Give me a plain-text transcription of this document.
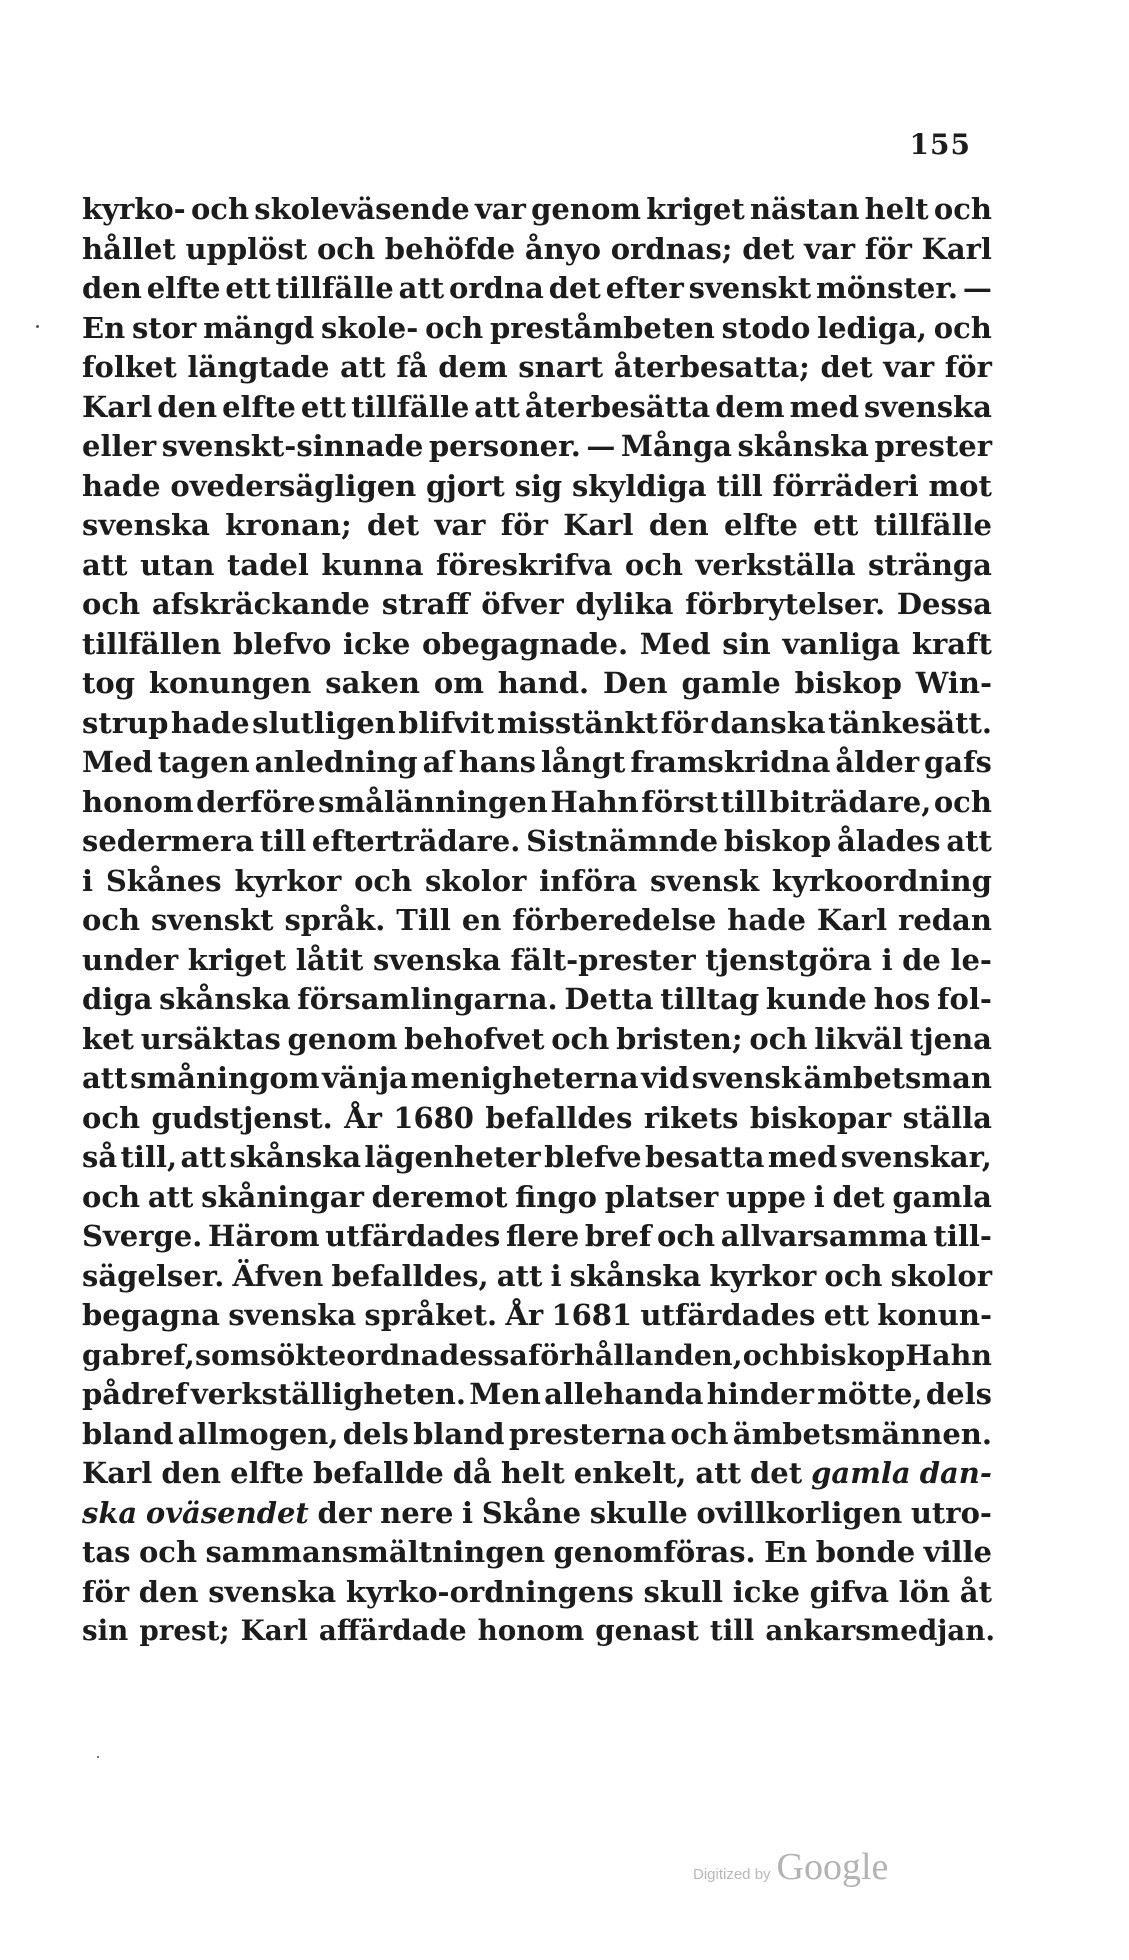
155
kyrko- och skoleväsende var genom kriget nästan helt och
hållet upplöst och behöfde ånyo ordnas; det var för Karl
den elfte ett tillfälle att ordna det efter svenskt mönster. —
En stor mängd skole- och preståmbeten stodo lediga, och
folket längtade att få dem snart återbesatta; det var för
Karl den elfte ett tillfälle att återbesätta dem med svenska
eller svenskt-sinnade personer. — Många skånska prester
hade ovedersägligen gjort sig skyldiga till förräderi mot
svenska kronan; det var för Karl den elfte ett tillfälle
att utan tadel kunna föreskrifva och verkställa stränga
och afskräckande straff öfver dylika förbrytelser. Dessa
tillfällen blefvo icke obegagnade. Med sin vanliga kraft
tog konungen saken om hand. Den gamle biskop Win-
strup hade slutligen blifvit misstänkt för danska tänkesätt.
Med tagen anledning af hans långt framskridna ålder gafs
honom derföre smålänningen Hahn först till biträdare, och
sedermera till efterträdare. Sistnämnde biskop ålades att
i Skånes kyrkor och skolor införa svensk kyrkoordning
och svenskt språk. Till en förberedelse hade Karl redan
under kriget låtit svenska fält-prester tjenstgöra i de le-
diga skånska församlingarna. Detta tilltag kunde hos fol-
ket ursäktas genom behofvet och bristen; och likväl tjena
att småningom vänja menigheterna vid svensk ämbetsman
och gudstjenst. År 1680 befalldes rikets biskopar ställa
så till, att skånska lägenheter blefve besatta med svenskar,
och att skåningar deremot fingo platser uppe i det gamla
Sverge. Härom utfärdades flere bref och allvarsamma till-
sägelser. Äfven befalldes, att i skånska kyrkor och skolor
begagna svenska språket. År 1681 utfärdades ett konun-
gabref, som sökte ordna dessa förhållanden, och biskop Hahn
pådref verkställigheten. Men allehanda hinder mötte, dels
bland allmogen, dels bland presterna och ämbetsmännen.
Karl den elfte befallde då helt enkelt, att det gamla dan-
ska oväsendet der nere i Skåne skulle ovillkorligen utro-
tas och sammansmältningen genomföras. En bonde ville
för den svenska kyrko-ordningens skull icke gifva lön åt
sin prest; Karl affärdade honom genast till ankarsmedjan.
Digitized by Google
